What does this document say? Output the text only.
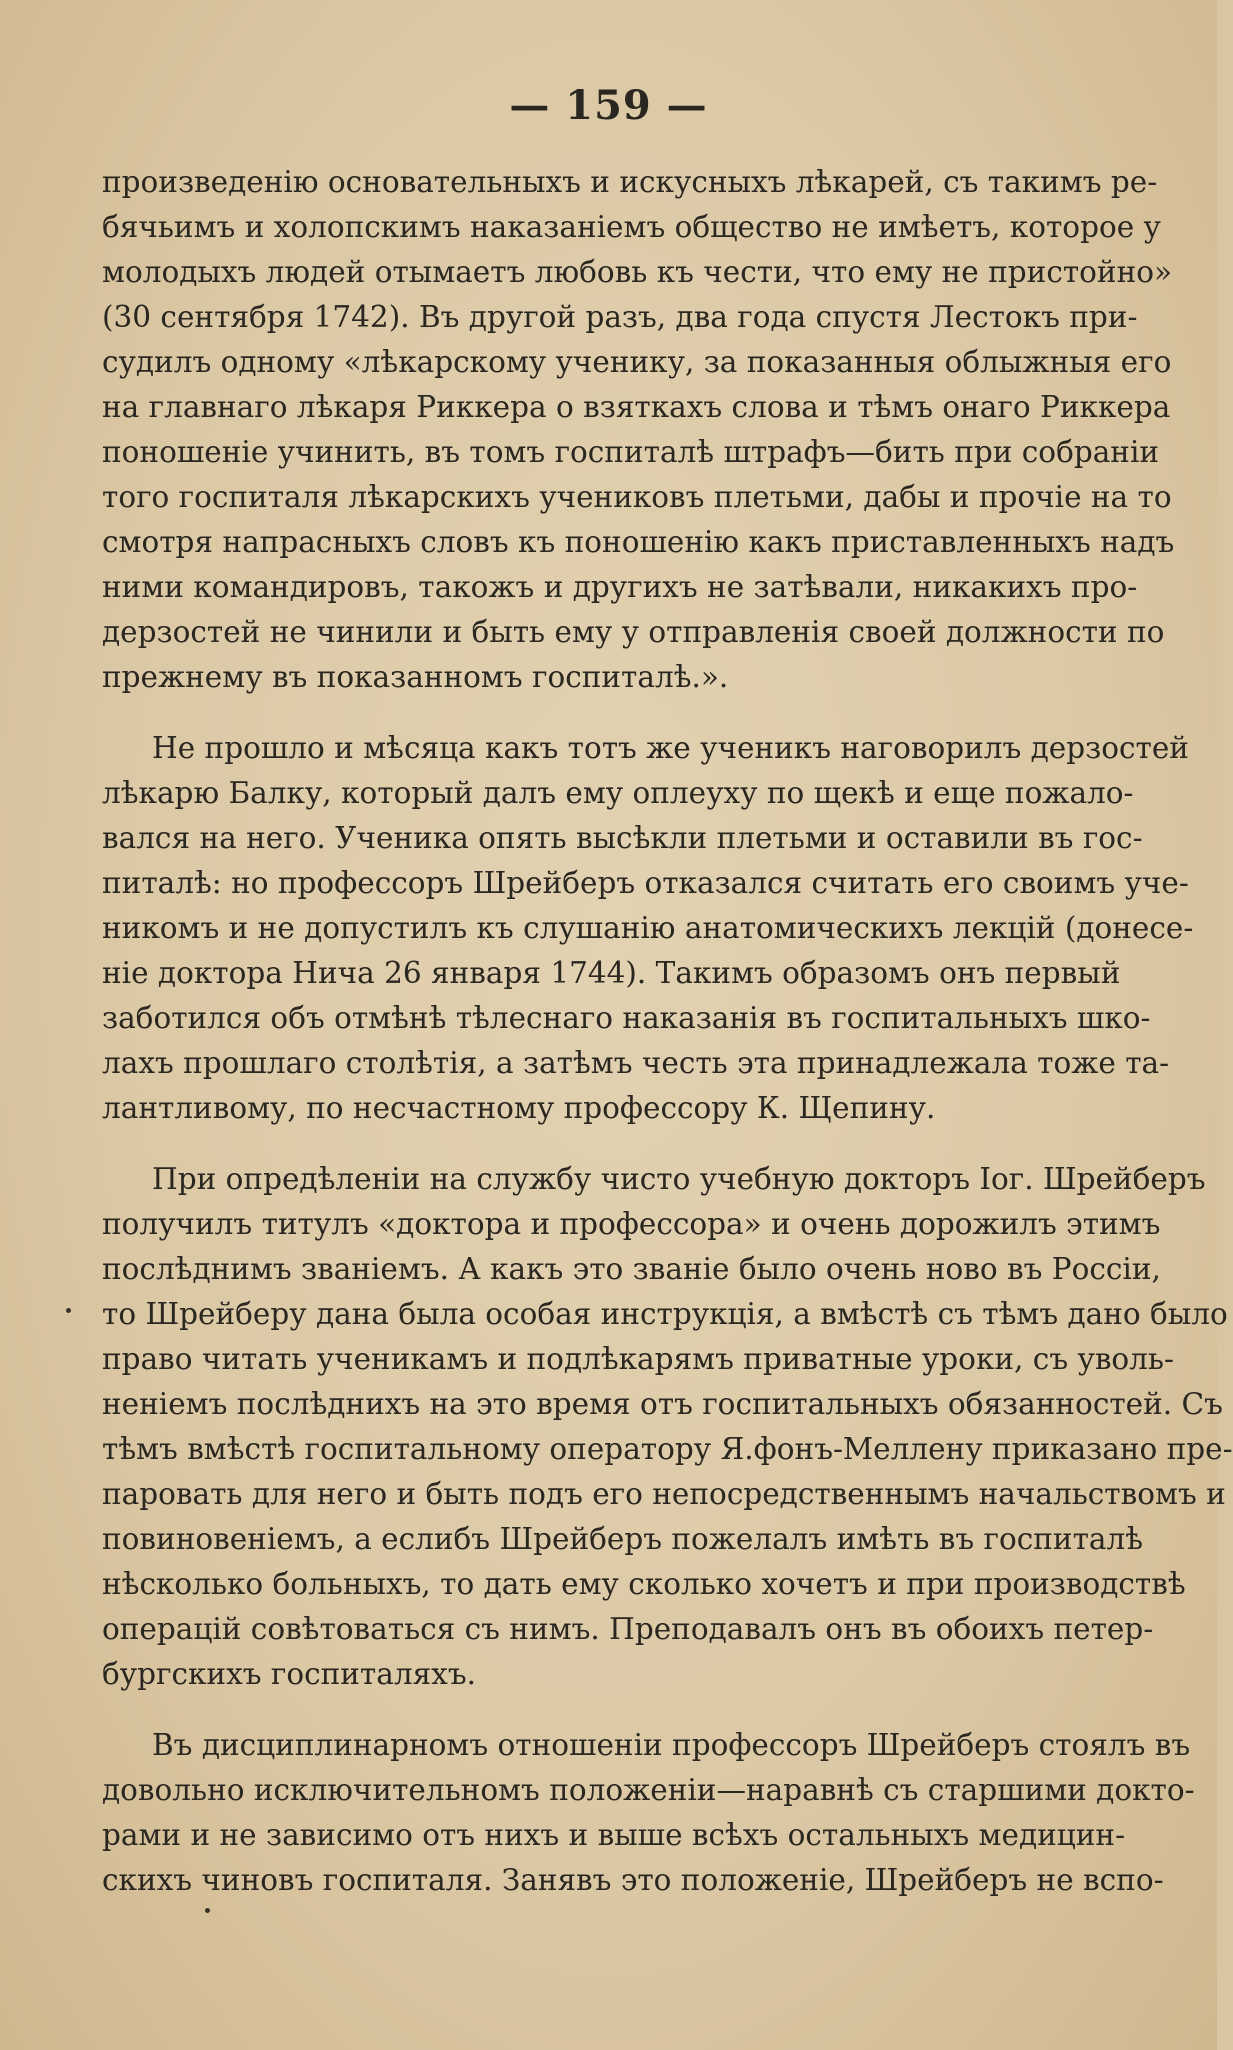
— 159 —
произведенію основательныхъ и искусныхъ лѣкарей, съ такимъ ре-
бячьимъ и холопскимъ наказаніемъ общество не имѣетъ, которое у
молодыхъ людей отымаетъ любовь къ чести, что ему не пристойно»
(30 сентября 1742). Въ другой разъ, два года спустя Лестокъ при-
судилъ одному «лѣкарскому ученику, за показанныя облыжныя его
на главнаго лѣкаря Риккера о взяткахъ слова и тѣмъ онаго Риккера
поношеніе учинить, въ томъ госпиталѣ штрафъ—бить при собраніи
того госпиталя лѣкарскихъ учениковъ плетьми, дабы и прочіе на то
смотря напрасныхъ словъ къ поношенію какъ приставленныхъ надъ
ними командировъ, такожъ и другихъ не затѣвали, никакихъ про-
дерзостей не чинили и быть ему у отправленія своей должности по
прежнему въ показанномъ госпиталѣ.».
Не прошло и мѣсяца какъ тотъ же ученикъ наговорилъ дерзостей
лѣкарю Балку, который далъ ему оплеуху по щекѣ и еще пожало-
вался на него. Ученика опять высѣкли плетьми и оставили въ гос-
питалѣ: но профессоръ Шрейберъ отказался считать его своимъ уче-
никомъ и не допустилъ къ слушанію анатомическихъ лекцій (донесе-
ніе доктора Нича 26 января 1744). Такимъ образомъ онъ первый
заботился объ отмѣнѣ тѣлеснаго наказанія въ госпитальныхъ шко-
лахъ прошлаго столѣтія, а затѣмъ честь эта принадлежала тоже та-
лантливому, по несчастному профессору К. Щепину.
При опредѣленіи на службу чисто учебную докторъ Іог. Шрейберъ
получилъ титулъ «доктора и профессора» и очень дорожилъ этимъ
послѣднимъ званіемъ. А какъ это званіе было очень ново въ Россіи,
то Шрейберу дана была особая инструкція, а вмѣстѣ съ тѣмъ дано было
право читать ученикамъ и подлѣкарямъ приватные уроки, съ уволь-
неніемъ послѣднихъ на это время отъ госпитальныхъ обязанностей. Съ
тѣмъ вмѣстѣ госпитальному оператору Я.фонъ-Меллену приказано пре-
паровать для него и быть подъ его непосредственнымъ начальствомъ и
повиновеніемъ, а еслибъ Шрейберъ пожелалъ имѣть въ госпиталѣ
нѣсколько больныхъ, то дать ему сколько хочетъ и при производствѣ
операцій совѣтоваться съ нимъ. Преподавалъ онъ въ обоихъ петер-
бургскихъ госпиталяхъ.
Въ дисциплинарномъ отношеніи профессоръ Шрейберъ стоялъ въ
довольно исключительномъ положеніи—наравнѣ съ старшими докто-
рами и не зависимо отъ нихъ и выше всѣхъ остальныхъ медицин-
скихъ чиновъ госпиталя. Занявъ это положеніе, Шрейберъ не вспо-
